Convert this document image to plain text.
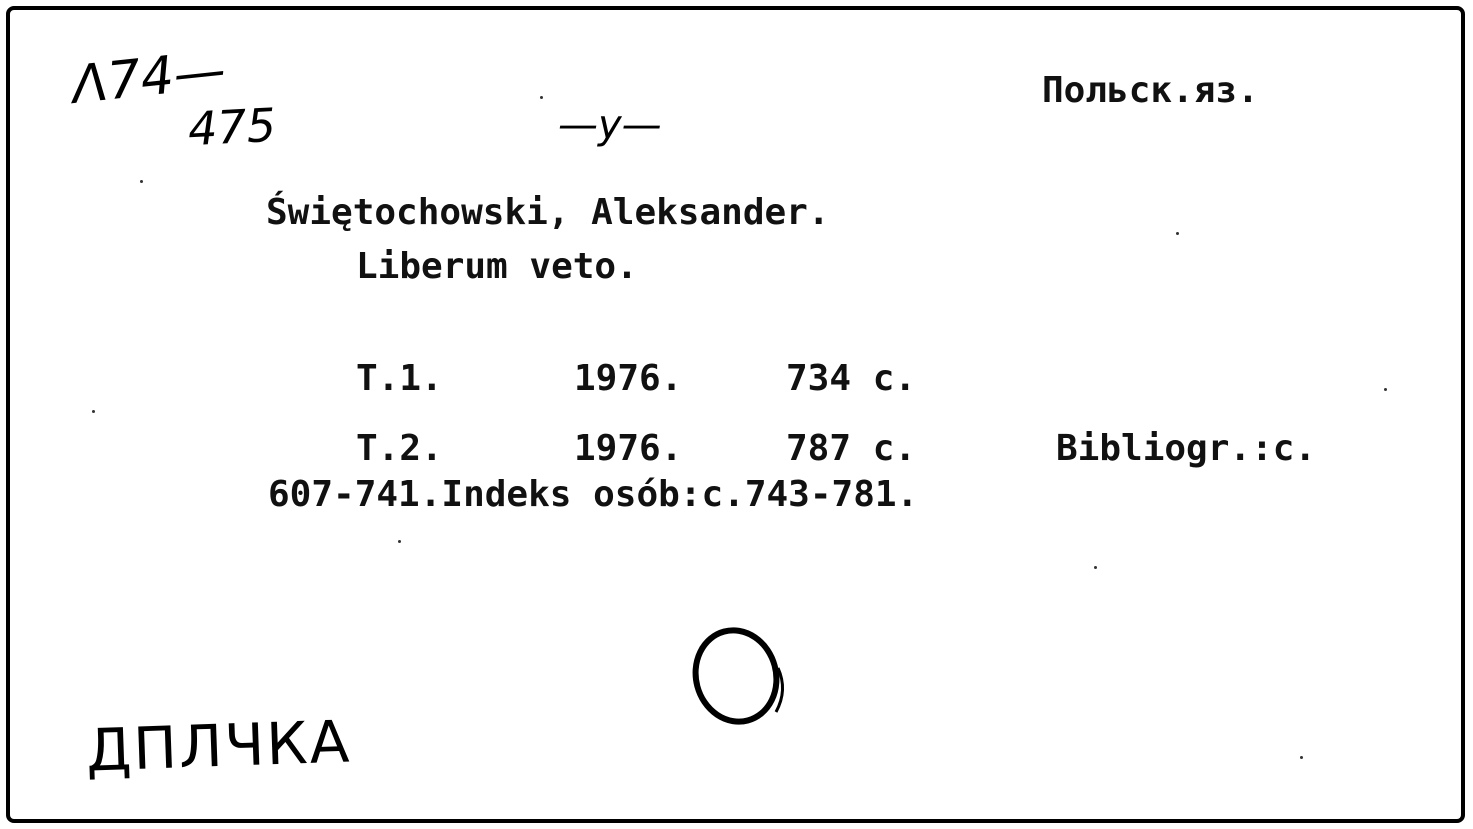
Λ74—
475
Польск.яз.
—у—
Świętochowski, Aleksander.
Liberum veto.
Т.1.	1976.	734 с.
Т.2.	1976.	787 с.	Bibliogr.:c.
607-741.Indeks osób:c.743-781.
ДПЛЧКА
